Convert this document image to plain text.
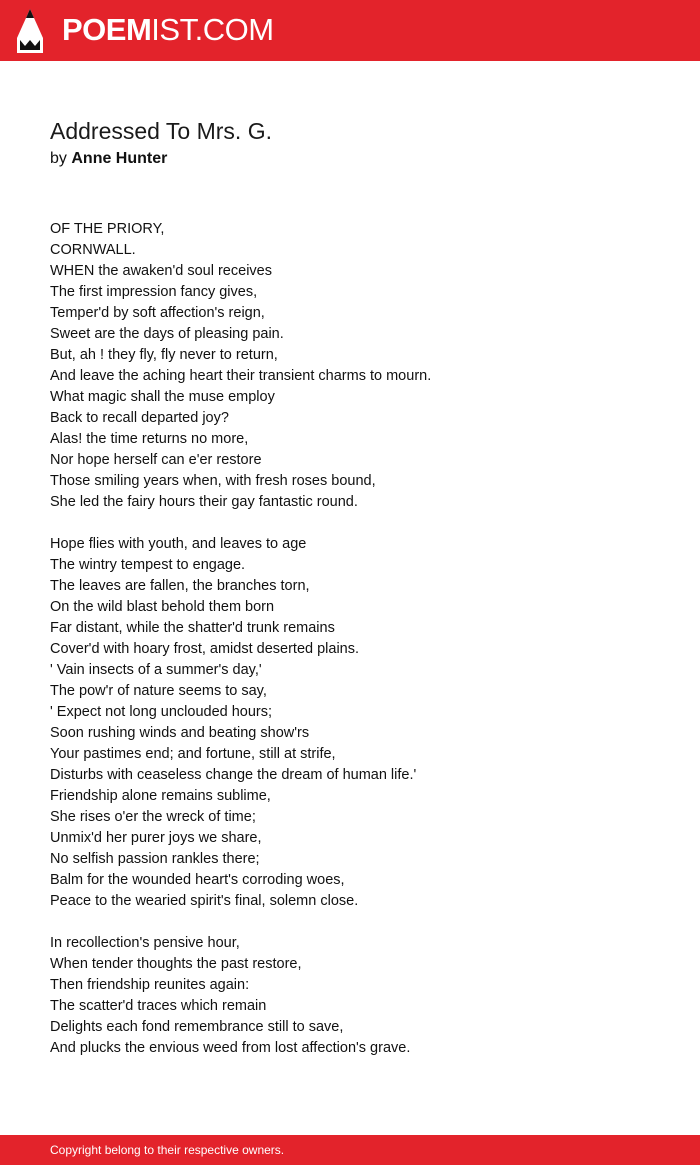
POEMIST.COM
Addressed To Mrs. G.
by Anne Hunter
OF THE PRIORY,
CORNWALL.
WHEN the awaken'd soul receives
The first impression fancy gives,
Temper'd by soft affection's reign,
Sweet are the days of pleasing pain.
But, ah ! they fly, fly never to return,
And leave the aching heart their transient charms to mourn.
What magic shall the muse employ
Back to recall departed joy?
Alas! the time returns no more,
Nor hope herself can e'er restore
Those smiling years when, with fresh roses bound,
She led the fairy hours their gay fantastic round.
Hope flies with youth, and leaves to age
The wintry tempest to engage.
The leaves are fallen, the branches torn,
On the wild blast behold them born
Far distant, while the shatter'd trunk remains
Cover'd with hoary frost, amidst deserted plains.
' Vain insects of a summer's day,'
The pow'r of nature seems to say,
' Expect not long unclouded hours;
Soon rushing winds and beating show'rs
Your pastimes end; and fortune, still at strife,
Disturbs with ceaseless change the dream of human life.'
Friendship alone remains sublime,
She rises o'er the wreck of time;
Unmix'd her purer joys we share,
No selfish passion rankles there;
Balm for the wounded heart's corroding woes,
Peace to the wearied spirit's final, solemn close.
In recollection's pensive hour,
When tender thoughts the past restore,
Then friendship reunites again:
The scatter'd traces which remain
Delights each fond remembrance still to save,
And plucks the envious weed from lost affection's grave.
Copyright belong to their respective owners.
